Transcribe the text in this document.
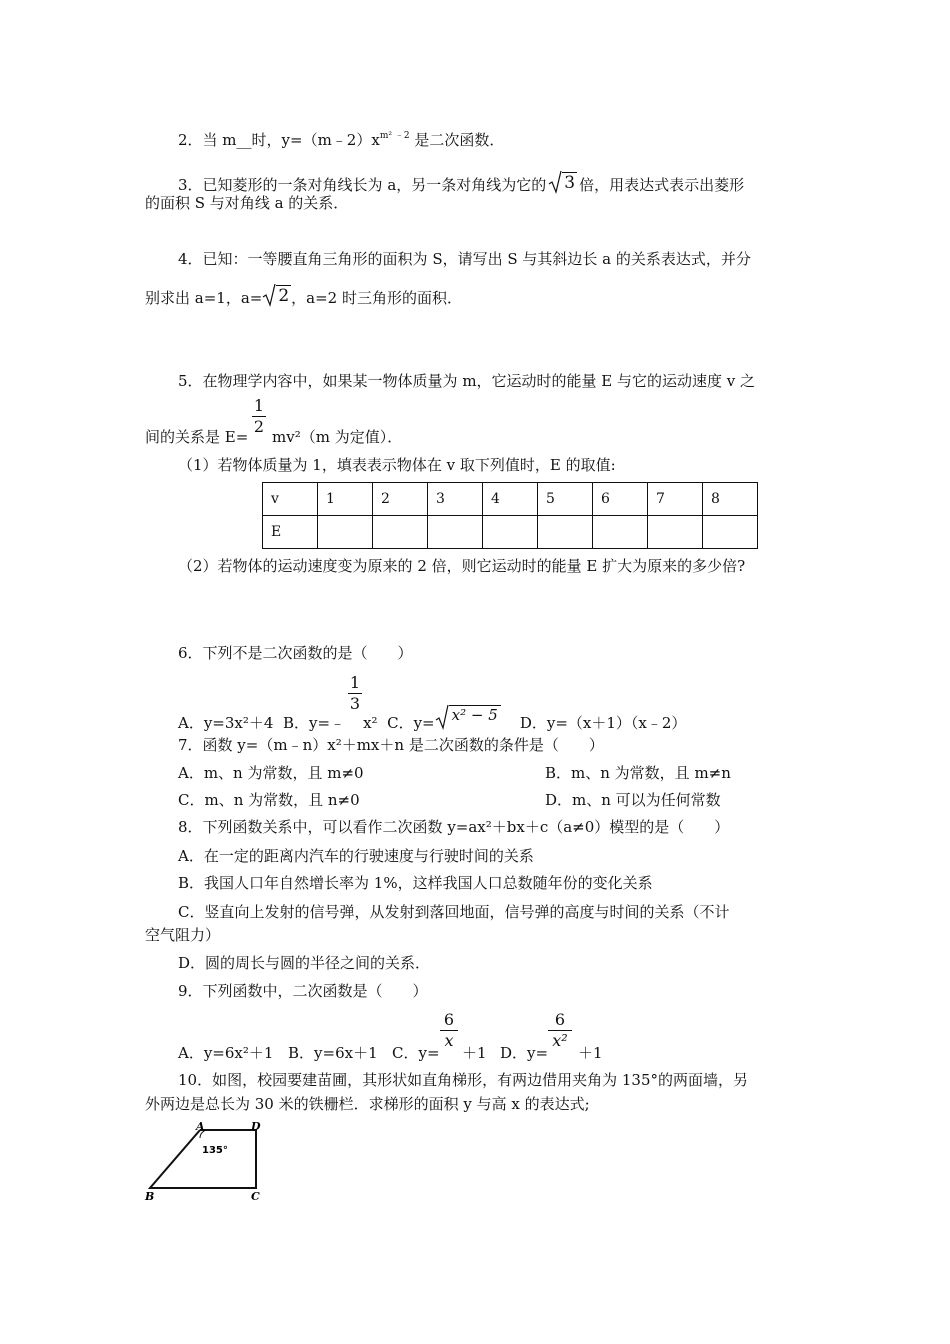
2．当 m__时，$y=(m﹣2)x^{m^2 ﹣2}$ 是二次函数．
3．已知菱形的一条对角线长为 a，另一条对角线为它的 3 倍，用表达式表示出菱形
的面积 S 与对角线 a 的关系．
4．已知：一等腰直角三角形的面积为 S，请写出 S 与其斜边长 a 的关系表达式，并分
别求出 a=1，a= 2 ，a=2 时三角形的面积．
5．在物理学内容中，如果某一物体质量为 m，它运动时的能量 E 与它的运动速度 v 之
1
2
间的关系是 E= mv²（m 为定值）．
（1）若物体质量为 1，填表表示物体在 v 取下列值时，E 的取值:
v	1	2	3	4	5	6	7	8
E								
（2）若物体的运动速度变为原来的 2 倍，则它运动时的能量 E 扩大为原来的多少倍?
6．下列不是二次函数的是（　　）
1
3
A．y=3x²＋4 B．y=﹣ x² C．y= x² − 5 D．y=（x＋1）（x﹣2）
7．函数 y=（m﹣n）x²＋mx＋n 是二次函数的条件是（　　）
A．m、n 为常数，且 m≠0	B．m、n 为常数，且 m≠n
C．m、n 为常数，且 n≠0	D．m、n 可以为任何常数
8．下列函数关系中，可以看作二次函数 y=ax²＋bx＋c（a≠0）模型的是（　　）
A．在一定的距离内汽车的行驶速度与行驶时间的关系
B．我国人口年自然增长率为 1%，这样我国人口总数随年份的变化关系
C．竖直向上发射的信号弹，从发射到落回地面，信号弹的高度与时间的关系（不计
空气阻力）
D．圆的周长与圆的半径之间的关系．
9．下列函数中，二次函数是（　　）
6
x
6
x²
A．y=6x²＋1 B．y=6x＋1 C．y= ＋1 D．y= ＋1
10．如图，校园要建苗圃，其形状如直角梯形，有两边借用夹角为 135°的两面墙，另
外两边是总长为 30 米的铁栅栏．求梯形的面积 y 与高 x 的表达式;
A	D
B	C
135°
